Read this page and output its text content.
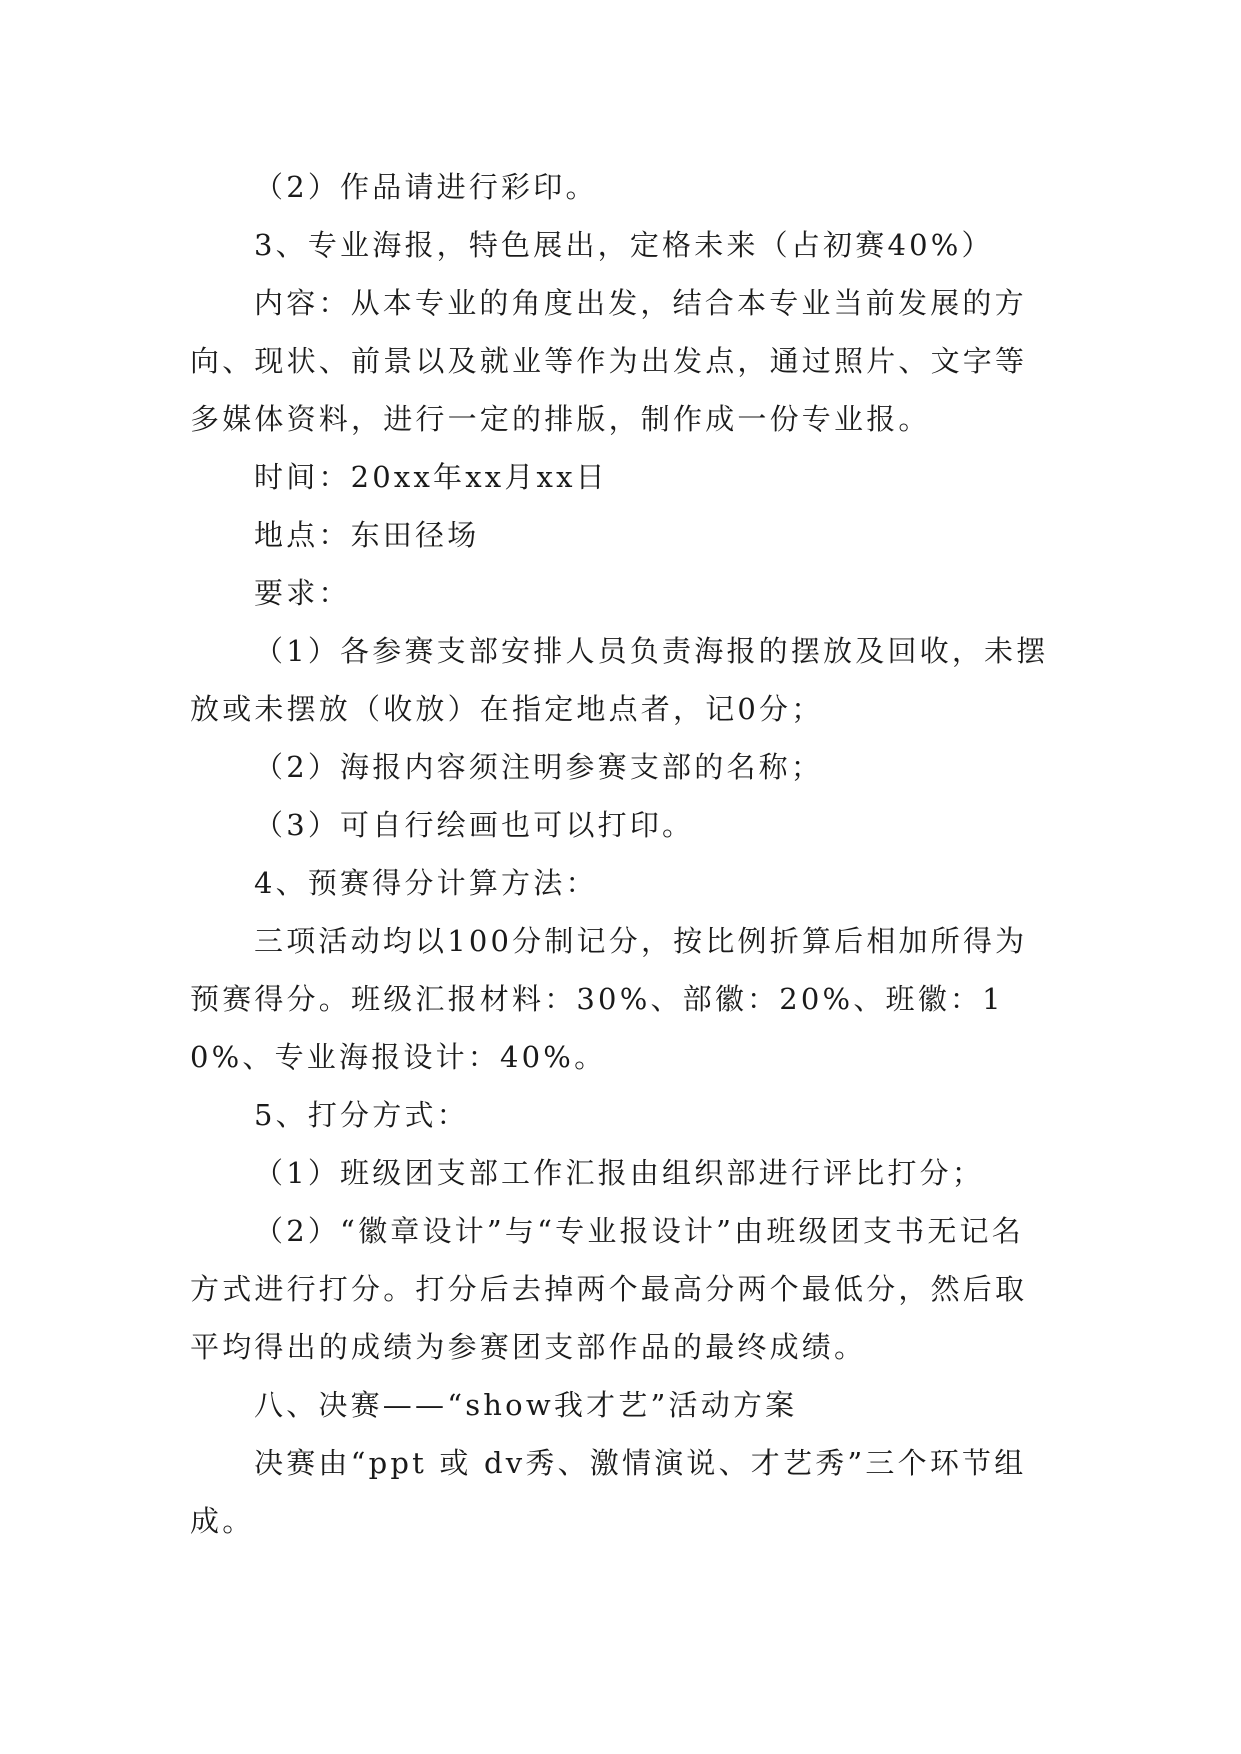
（2）作品请进行彩印。

3、专业海报，特色展出，定格未来（占初赛40%）

内容：从本专业的角度出发，结合本专业当前发展的方向、现状、前景以及就业等作为出发点，通过照片、文字等多媒体资料，进行一定的排版，制作成一份专业报。

时间：20xx年xx月xx日

地点：东田径场

要求：

（1）各参赛支部安排人员负责海报的摆放及回收，未摆放或未摆放（收放）在指定地点者，记0分；

（2）海报内容须注明参赛支部的名称；

（3）可自行绘画也可以打印。

4、预赛得分计算方法：

三项活动均以100分制记分，按比例折算后相加所得为预赛得分。班级汇报材料：30%、部徽：20%、班徽：10%、专业海报设计：40%。

5、打分方式：

（1）班级团支部工作汇报由组织部进行评比打分；

（2）“徽章设计”与“专业报设计”由班级团支书无记名方式进行打分。打分后去掉两个最高分两个最低分，然后取平均得出的成绩为参赛团支部作品的最终成绩。

八、决赛——“show我才艺”活动方案

决赛由“ppt 或 dv秀、激情演说、才艺秀”三个环节组成。
